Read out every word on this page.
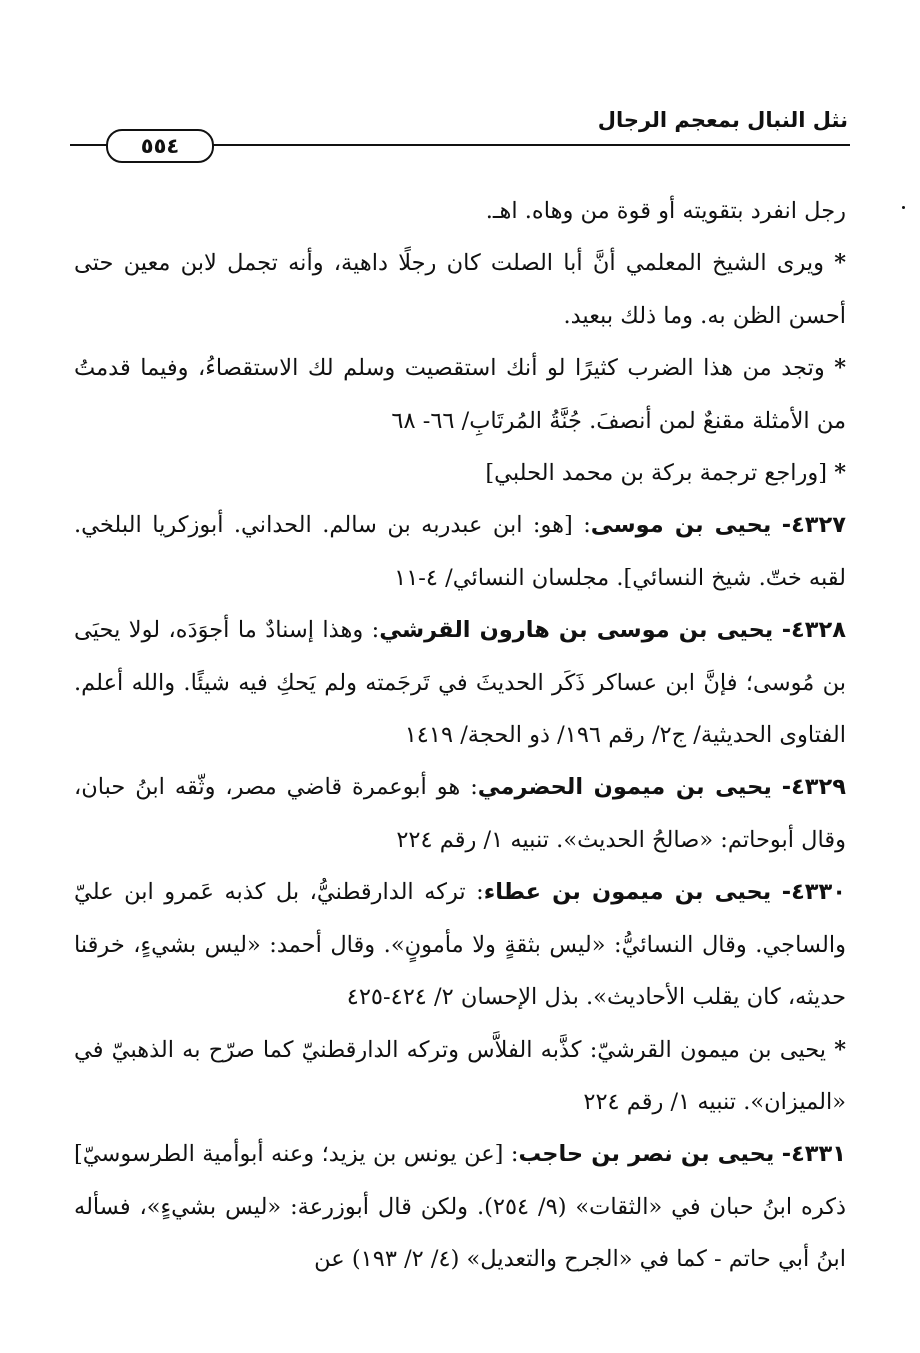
نثل النبال بمعجم الرجال
٥٥٤

رجل انفرد بتقويته أو قوة من وهاه. اهـ.

* ويرى الشيخ المعلمي أنَّ أبا الصلت كان رجلًا داهية، وأنه تجمل لابن معين حتى أحسن الظن به. وما ذلك ببعيد.

* وتجد من هذا الضرب كثيرًا لو أنك استقصيت وسلم لك الاستقصاءُ، وفيما قدمتُ من الأمثلة مقنعٌ لمن أنصفَ. جُنَّةُ المُرتَابِ/ ٦٦- ٦٨

* [وراجع ترجمة بركة بن محمد الحلبي]

٤٣٢٧- يحيى بن موسى: [هو: ابن عبدربه بن سالم. الحداني. أبوزكريا البلخي. لقبه ختّ. شيخ النسائي]. مجلسان النسائي/ ٤-١١

٤٣٢٨- يحيى بن موسى بن هارون القرشي: وهذا إسنادٌ ما أجوَدَه، لولا يحيَى بن مُوسى؛ فإنَّ ابن عساكر ذَكَر الحديثَ في تَرجَمته ولم يَحكِ فيه شيئًا. والله أعلم. الفتاوى الحديثية/ ج٢/ رقم ١٩٦/ ذو الحجة/ ١٤١٩

٤٣٢٩- يحيى بن ميمون الحضرمي: هو أبوعمرة قاضي مصر، وثّقه ابنُ حبان، وقال أبوحاتم: «صالحُ الحديث». تنبيه ١/ رقم ٢٢٤

٤٣٣٠- يحيى بن ميمون بن عطاء: تركه الدارقطنيُّ، بل كذبه عَمرو ابن عليّ والساجي. وقال النسائيُّ: «ليس بثقةٍ ولا مأمونٍ». وقال أحمد: «ليس بشيءٍ، خرقنا حديثه، كان يقلب الأحاديث». بذل الإحسان ٢/ ٤٢٤-٤٢٥

* يحيى بن ميمون القرشيّ: كذَّبه الفلاَّس وتركه الدارقطنيّ كما صرّح به الذهبيّ في «الميزان». تنبيه ١/ رقم ٢٢٤

٤٣٣١- يحيى بن نصر بن حاجب: [عن يونس بن يزيد؛ وعنه أبوأمية الطرسوسيّ] ذكره ابنُ حبان في «الثقات» (٩/ ٢٥٤). ولكن قال أبوزرعة: «ليس بشيءٍ»، فسأله ابنُ أبي حاتم - كما في «الجرح والتعديل» (٤/ ٢/ ١٩٣) عن
